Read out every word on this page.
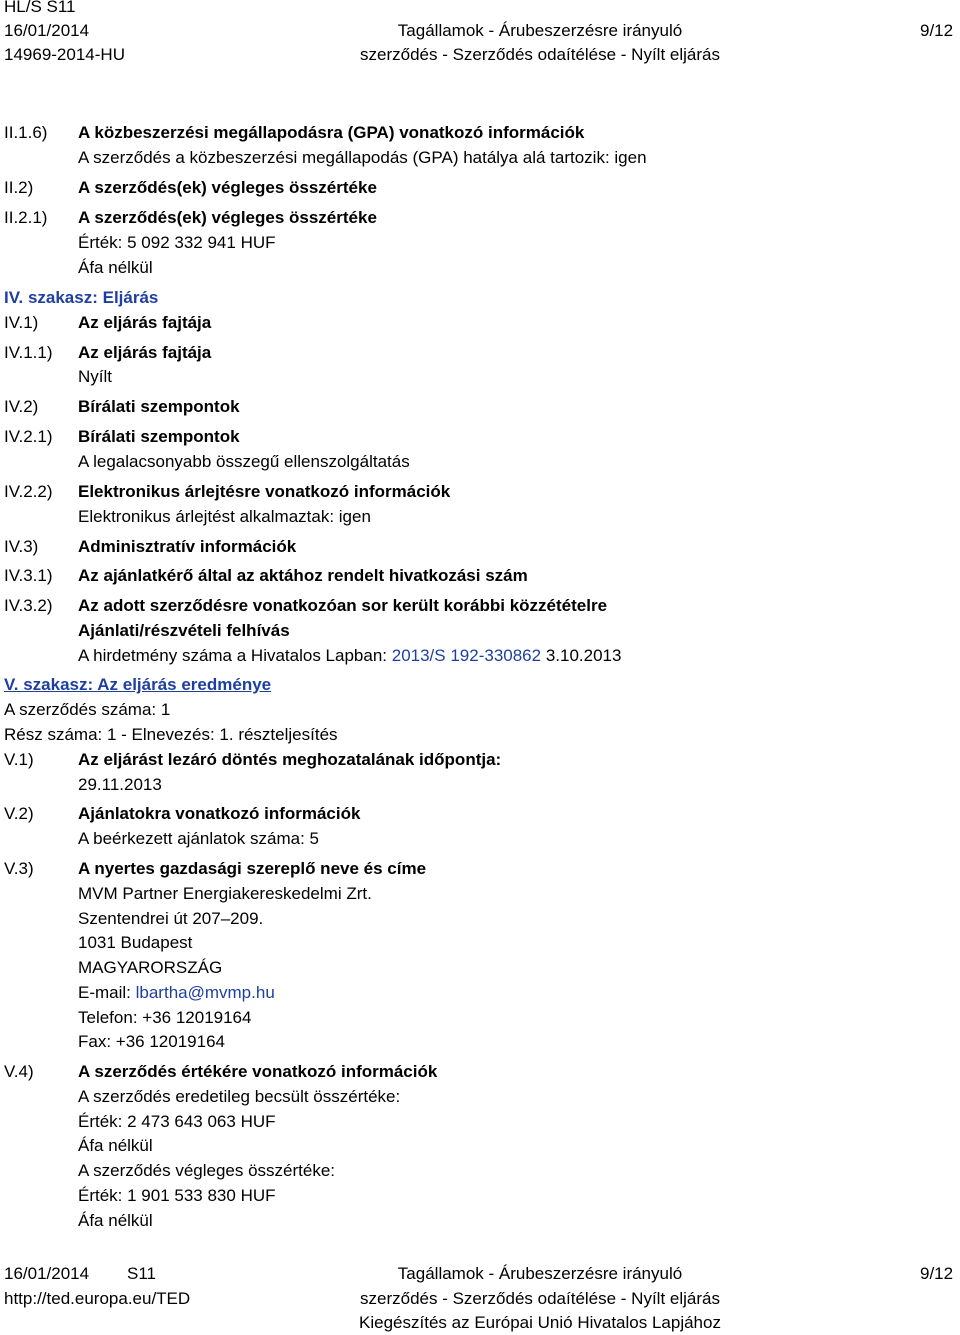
HL/S S11
16/01/2014
14969-2014-HU
Tagállamok - Árubeszerzésre irányuló
szerződés - Szerződés odaítélése - Nyílt eljárás
9/12
II.1.6) A közbeszerzési megállapodásra (GPA) vonatkozó információk
A szerződés a közbeszerzési megállapodás (GPA) hatálya alá tartozik: igen
II.2)	A szerződés(ek) végleges összértéke
II.2.1) A szerződés(ek) végleges összértéke
Érték: 5 092 332 941 HUF
Áfa nélkül
IV. szakasz: Eljárás
IV.1) Az eljárás fajtája
IV.1.1) Az eljárás fajtája
Nyílt
IV.2) Bírálati szempontok
IV.2.1) Bírálati szempontok
A legalacsonyabb összegű ellenszolgáltatás
IV.2.2) Elektronikus árlejtésre vonatkozó információk
Elektronikus árlejtést alkalmaztak: igen
IV.3) Adminisztratív információk
IV.3.1) Az ajánlatkérő által az aktához rendelt hivatkozási szám
IV.3.2) Az adott szerződésre vonatkozóan sor került korábbi közzétételre
Ajánlati/részvételi felhívás
A hirdetmény száma a Hivatalos Lapban: 2013/S 192-330862 3.10.2013
V. szakasz: Az eljárás eredménye
A szerződés száma: 1
Rész száma: 1 - Elnevezés: 1. részteljesítés
V.1)	Az eljárást lezáró döntés meghozatalának időpontja:
29.11.2013
V.2)	Ajánlatokra vonatkozó információk
A beérkezett ajánlatok száma: 5
V.3)	A nyertes gazdasági szereplő neve és címe
MVM Partner Energiakereskedelmi Zrt.
Szentendrei út 207–209.
1031 Budapest
MAGYARORSZÁG
E-mail: lbartha@mvmp.hu
Telefon: +36 12019164
Fax: +36 12019164
V.4)	A szerződés értékére vonatkozó információk
A szerződés eredetileg becsült összértéke:
Érték: 2 473 643 063 HUF
Áfa nélkül
A szerződés végleges összértéke:
Érték: 1 901 533 830 HUF
Áfa nélkül
16/01/2014 S11
http://ted.europa.eu/TED
Tagállamok - Árubeszerzésre irányuló
szerződés - Szerződés odaítélése - Nyílt eljárás
Kiegészítés az Európai Unió Hivatalos Lapjához
9/12
